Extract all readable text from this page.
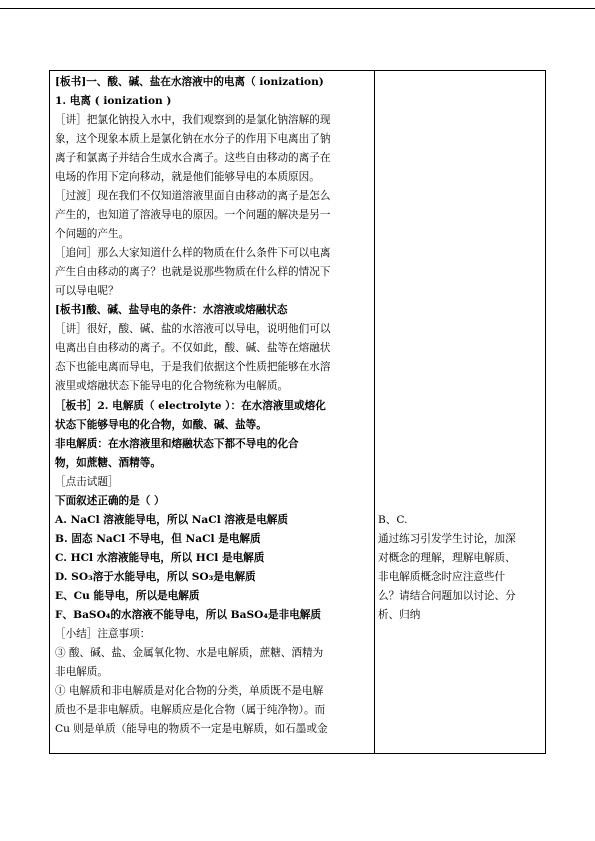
[板书]一、酸、碱、盐在水溶液中的电离（ ionization)
1. 电离 ( ionization )
［讲］把氯化钠投入水中，我们观察到的是氯化钠溶解的现
象，这个现象本质上是氯化钠在水分子的作用下电离出了钠
离子和氯离子并结合生成水合离子。这些自由移动的离子在
电场的作用下定向移动，就是他们能够导电的本质原因。
［过渡］现在我们不仅知道溶液里面自由移动的离子是怎么
产生的，也知道了溶液导电的原因。一个问题的解决是另一
个问题的产生。
［追问］那么大家知道什么样的物质在什么条件下可以电离
产生自由移动的离子？也就是说那些物质在什么样的情况下
可以导电呢？
[板书]酸、碱、盐导电的条件：水溶液或熔融状态
［讲］很好，酸、碱、盐的水溶液可以导电，说明他们可以
电离出自由移动的离子。不仅如此，酸、碱、盐等在熔融状
态下也能电离而导电，于是我们依据这个性质把能够在水溶
液里或熔融状态下能导电的化合物统称为电解质。
［板书］2. 电解质（ electrolyte ）：在水溶液里或熔化
状态下能够导电的化合物，如酸、碱、盐等。
非电解质：在水溶液里和熔融状态下都不导电的化合
物，如蔗糖、酒精等。
［点击试题］
下面叙述正确的是（ ）
A. NaCl 溶液能导电，所以 NaCl 溶液是电解质
B. 固态 NaCl 不导电，但 NaCl 是电解质
C. HCl 水溶液能导电，所以 HCl 是电解质
D. SO₃溶于水能导电，所以 SO₃是电解质
E、Cu 能导电，所以是电解质
F、BaSO₄的水溶液不能导电，所以 BaSO₄是非电解质
［小结］注意事项：
③ 酸、碱、盐、金属氧化物、水是电解质，蔗糖、酒精为
非电解质。
① 电解质和非电解质是对化合物的分类，单质既不是电解
质也不是非电解质。电解质应是化合物（属于纯净物）。而
Cu 则是单质（能导电的物质不一定是电解质，如石墨或金
B、C.
通过练习引发学生讨论，加深
对概念的理解，理解电解质、
非电解质概念时应注意些什
么？请结合问题加以讨论、分
析、归纳
